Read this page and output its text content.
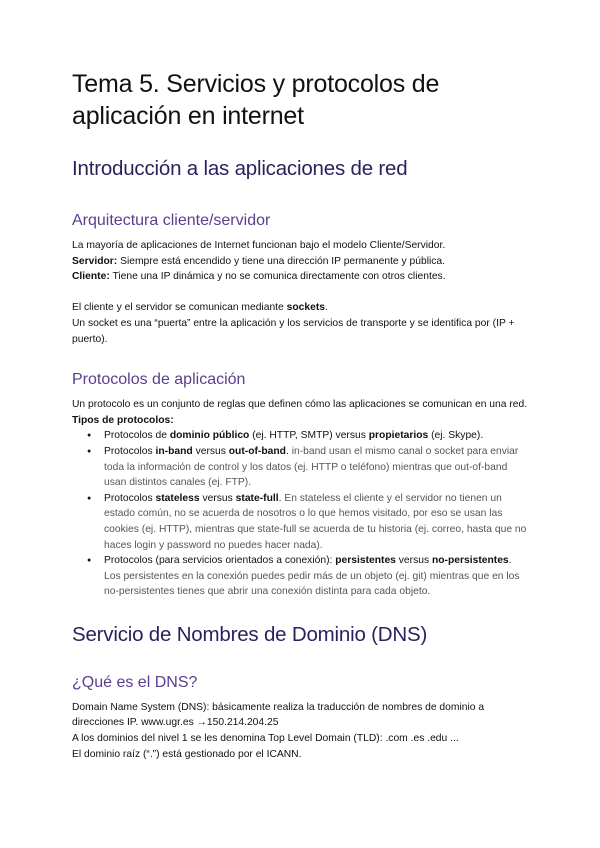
Tema 5. Servicios y protocolos de aplicación en internet
Introducción a las aplicaciones de red
Arquitectura cliente/servidor

La mayoría de aplicaciones de Internet funcionan bajo el modelo Cliente/Servidor.

Servidor: Siempre está encendido y tiene una dirección IP permanente y pública.

Cliente: Tiene una IP dinámica y no se comunica directamente con otros clientes.

El cliente y el servidor se comunican mediante sockets.

Un socket es una “puerta” entre la aplicación y los servicios de transporte y se identifica por (IP + puerto).

Protocolos de aplicación

Un protocolo es un conjunto de reglas que definen cómo las aplicaciones se comunican en una red.

Tipos de protocolos:

● Protocolos de dominio público (ej. HTTP, SMTP) versus propietarios (ej. Skype).
● Protocolos in-band versus out-of-band. in-band usan el mismo canal o socket para enviar toda la información de control y los datos (ej. HTTP o teléfono) mientras que out-of-band usan distintos canales (ej. FTP).
● Protocolos stateless versus state-full. En stateless el cliente y el servidor no tienen un estado común, no se acuerda de nosotros o lo que hemos visitado, por eso se usan las cookies (ej. HTTP), mientras que state-full se acuerda de tu historia (ej. correo, hasta que no haces login y password no puedes hacer nada).
● Protocolos (para servicios orientados a conexión): persistentes versus no-persistentes. Los persistentes en la conexión puedes pedir más de un objeto (ej. git) mientras que en los no-persistentes tienes que abrir una conexión distinta para cada objeto.
Servicio de Nombres de Dominio (DNS)
¿Qué es el DNS?

Domain Name System (DNS): básicamente realiza la traducción de nombres de dominio a direcciones IP. www.ugr.es →150.214.204.25

A los dominios del nivel 1 se les denomina Top Level Domain (TLD): .com .es .edu ...

El dominio raíz (“.”) está gestionado por el ICANN.
